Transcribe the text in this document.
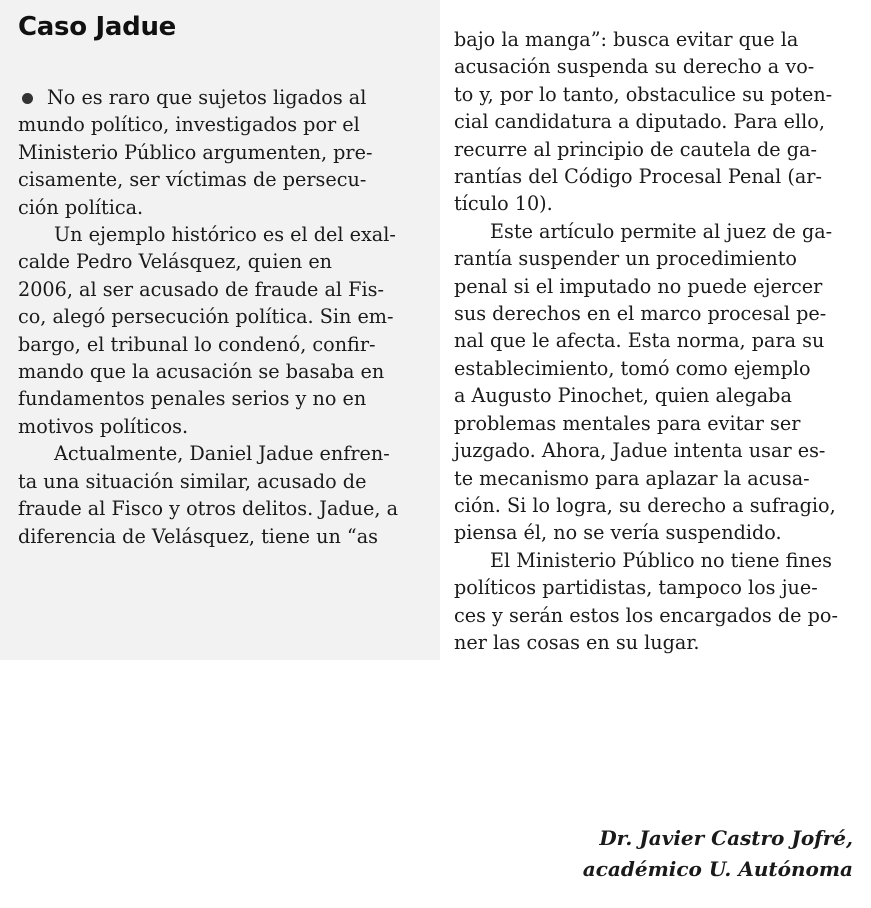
Caso Jadue
No es raro que sujetos ligados al
mundo político, investigados por el
Ministerio Público argumenten, pre-
cisamente, ser víctimas de persecu-
ción política.
Un ejemplo histórico es el del exal-
calde Pedro Velásquez, quien en
2006, al ser acusado de fraude al Fis-
co, alegó persecución política. Sin em-
bargo, el tribunal lo condenó, confir-
mando que la acusación se basaba en
fundamentos penales serios y no en
motivos políticos.
Actualmente, Daniel Jadue enfren-
ta una situación similar, acusado de
fraude al Fisco y otros delitos. Jadue, a
diferencia de Velásquez, tiene un “as
bajo la manga”: busca evitar que la
acusación suspenda su derecho a vo-
to y, por lo tanto, obstaculice su poten-
cial candidatura a diputado. Para ello,
recurre al principio de cautela de ga-
rantías del Código Procesal Penal (ar-
tículo 10).
Este artículo permite al juez de ga-
rantía suspender un procedimiento
penal si el imputado no puede ejercer
sus derechos en el marco procesal pe-
nal que le afecta. Esta norma, para su
establecimiento, tomó como ejemplo
a Augusto Pinochet, quien alegaba
problemas mentales para evitar ser
juzgado. Ahora, Jadue intenta usar es-
te mecanismo para aplazar la acusa-
ción. Si lo logra, su derecho a sufragio,
piensa él, no se vería suspendido.
El Ministerio Público no tiene fines
políticos partidistas, tampoco los jue-
ces y serán estos los encargados de po-
ner las cosas en su lugar.
Dr. Javier Castro Jofré,
académico U. Autónoma
